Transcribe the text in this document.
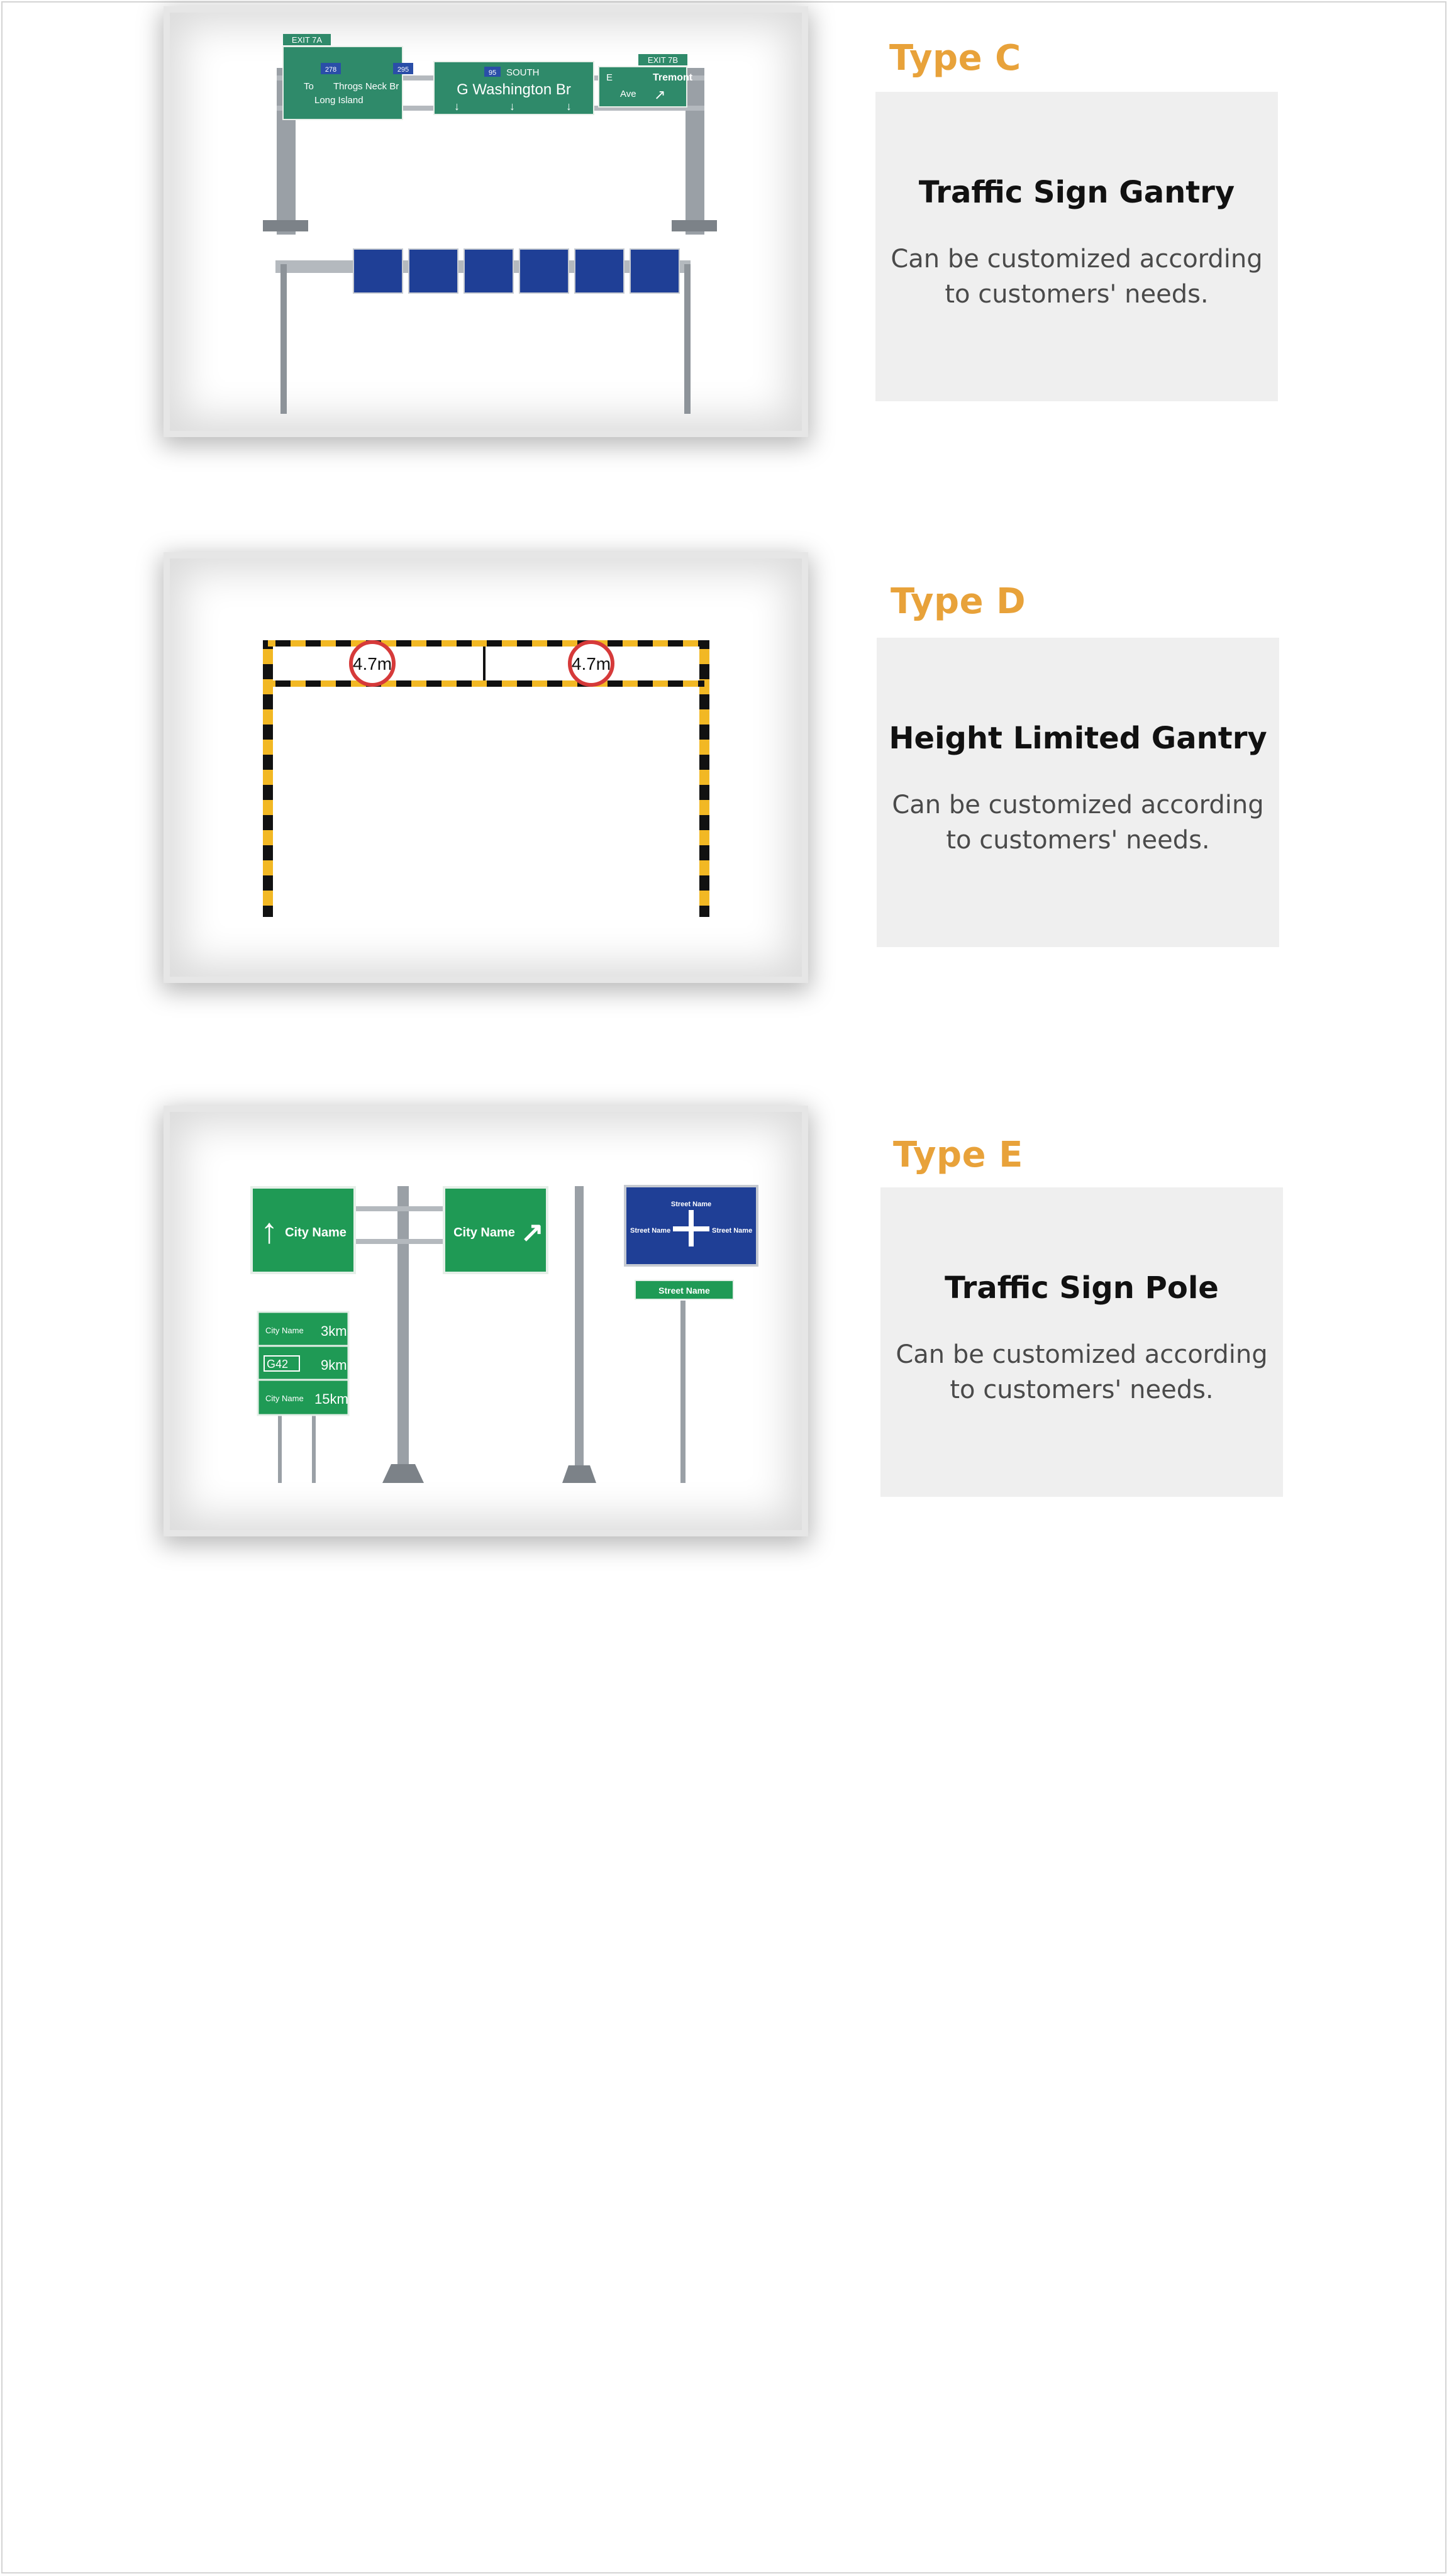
EXIT 7A
278	295
To Throgs Neck Br
Long Island
95 SOUTH
G Washington Br
↓	↓	↓
EXIT 7B
E	Tremont
Ave ↗
Type C
Traffic Sign Gantry
Can be customized according to customers' needs.
4.7m	4.7m
Type D
Height Limited Gantry
Can be customized according to customers' needs.
↑ City Name	City Name ↗
City Name 3km
G42 9km
City Name 15km
Street Name
Street Name	Street Name
Street Name
Type E
Traffic Sign Pole
Can be customized according to customers' needs.
